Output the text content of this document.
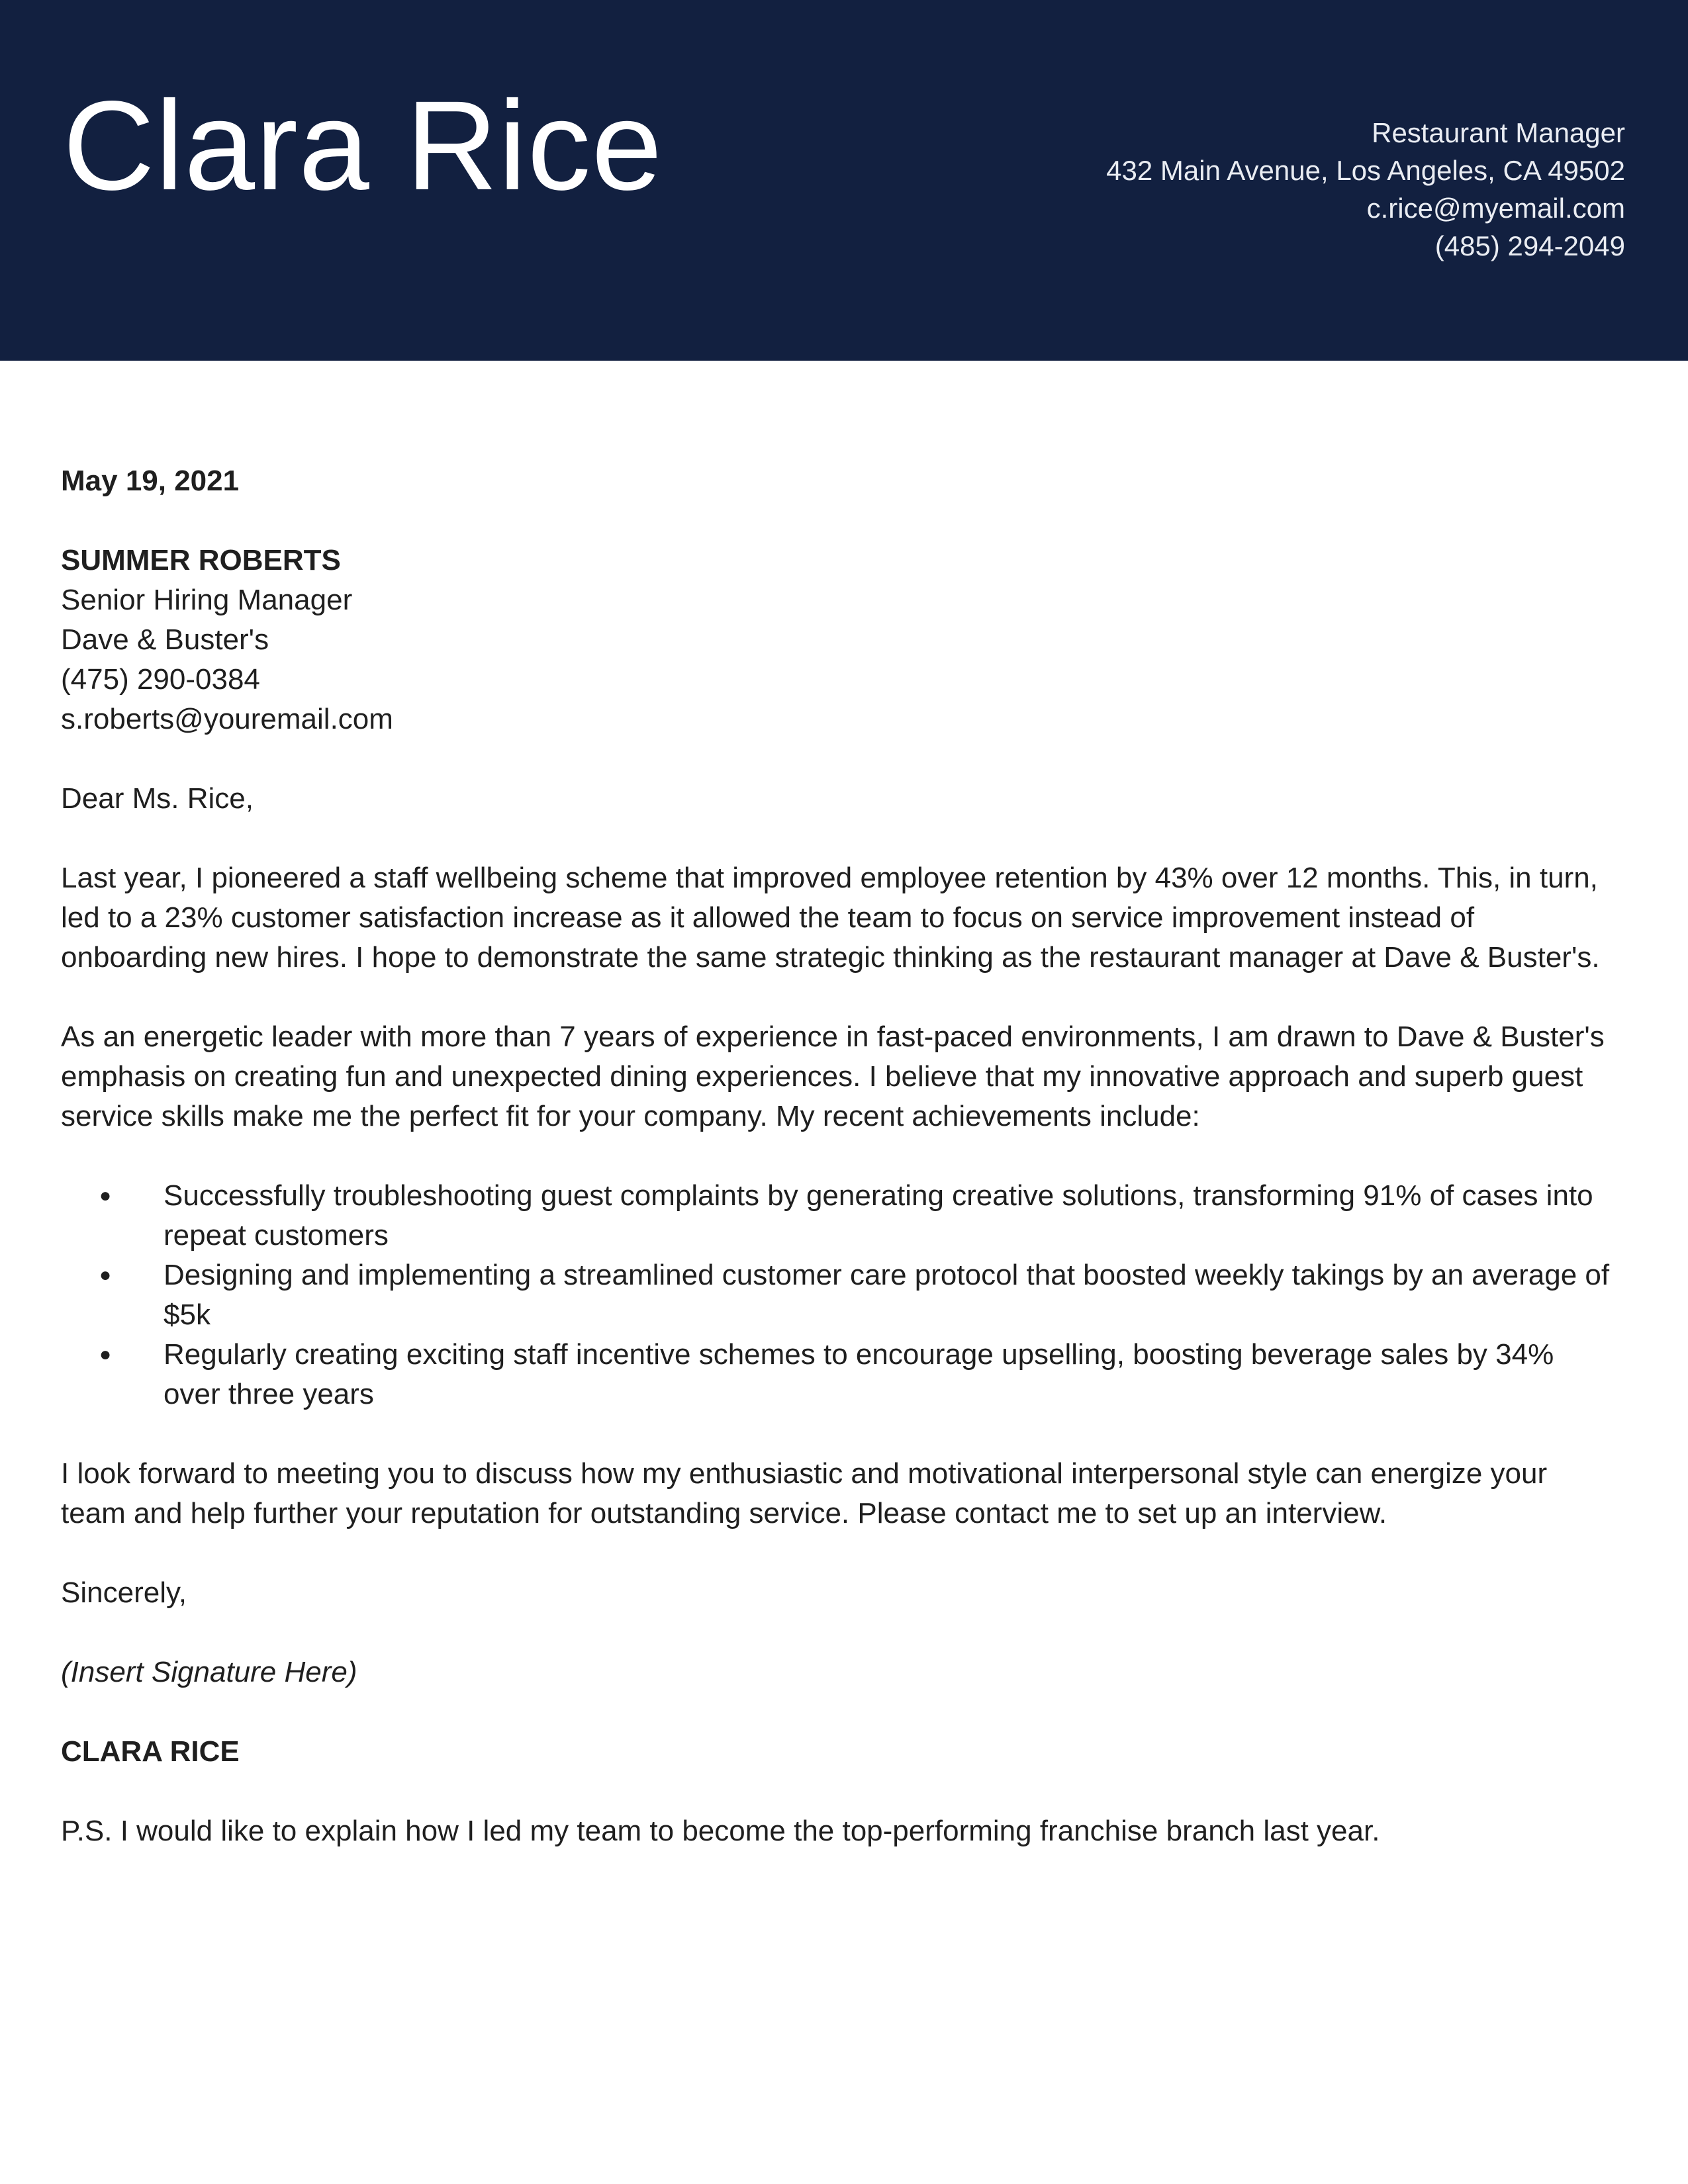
Clara Rice	Restaurant Manager
432 Main Avenue, Los Angeles, CA 49502
c.rice@myemail.com
(485) 294-2049

May 19, 2021

SUMMER ROBERTS
Senior Hiring Manager
Dave & Buster's
(475) 290-0384
s.roberts@youremail.com

Dear Ms. Rice,

Last year, I pioneered a staff wellbeing scheme that improved employee retention by 43% over 12 months. This, in turn, led to a 23% customer satisfaction increase as it allowed the team to focus on service improvement instead of onboarding new hires. I hope to demonstrate the same strategic thinking as the restaurant manager at Dave & Buster's.

As an energetic leader with more than 7 years of experience in fast-paced environments, I am drawn to Dave & Buster's emphasis on creating fun and unexpected dining experiences. I believe that my innovative approach and superb guest service skills make me the perfect fit for your company. My recent achievements include:

● Successfully troubleshooting guest complaints by generating creative solutions, transforming 91% of cases into repeat customers
● Designing and implementing a streamlined customer care protocol that boosted weekly takings by an average of $5k
● Regularly creating exciting staff incentive schemes to encourage upselling, boosting beverage sales by 34% over three years

I look forward to meeting you to discuss how my enthusiastic and motivational interpersonal style can energize your team and help further your reputation for outstanding service. Please contact me to set up an interview.

Sincerely,

(Insert Signature Here)

CLARA RICE

P.S. I would like to explain how I led my team to become the top-performing franchise branch last year.
